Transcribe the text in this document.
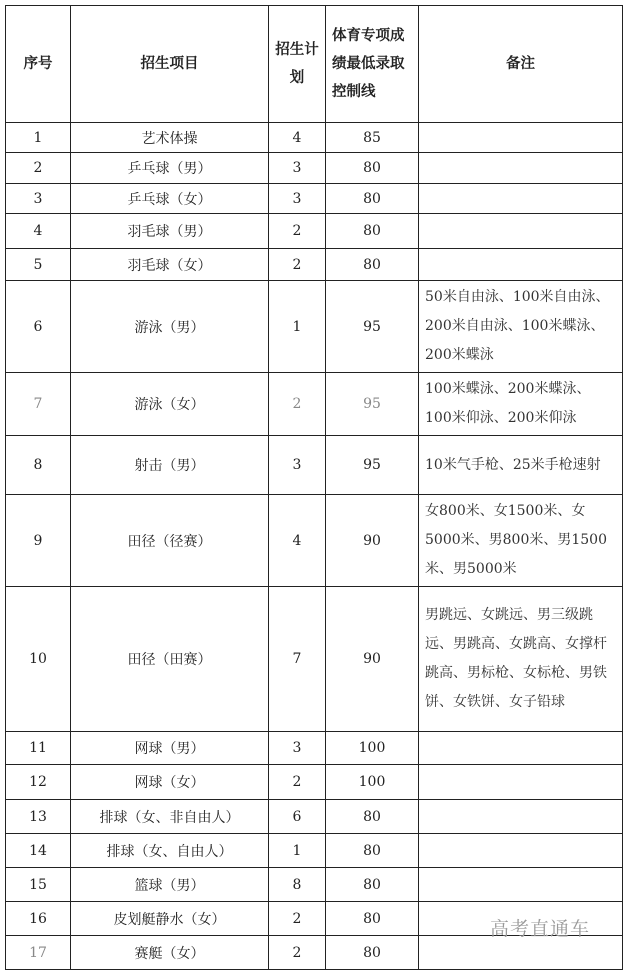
序号	招生项目	招生计划	体育专项成绩最低录取控制线	备注
1	艺术体操	4	85	
2	乒乓球（男）	3	80	
3	乒乓球（女）	3	80	
4	羽毛球（男）	2	80	
5	羽毛球（女）	2	80	
6	游泳（男）	1	95	50米自由泳、100米自由泳、200米自由泳、100米蝶泳、200米蝶泳
7	游泳（女）	2	95	100米蝶泳、200米蝶泳、100米仰泳、200米仰泳
8	射击（男）	3	95	10米气手枪、25米手枪速射
9	田径（径赛）	4	90	女800米、女1500米、女5000米、男800米、男1500米、男5000米
10	田径（田赛）	7	90	男跳远、女跳远、男三级跳远、男跳高、女跳高、女撑杆跳高、男标枪、女标枪、男铁饼、女铁饼、女子铅球
11	网球（男）	3	100	
12	网球（女）	2	100	
13	排球（女、非自由人）	6	80	
14	排球（女、自由人）	1	80	
15	篮球（男）	8	80	
16	皮划艇静水（女）	2	80	
17	赛艇（女）	2	80	
高考直通车
